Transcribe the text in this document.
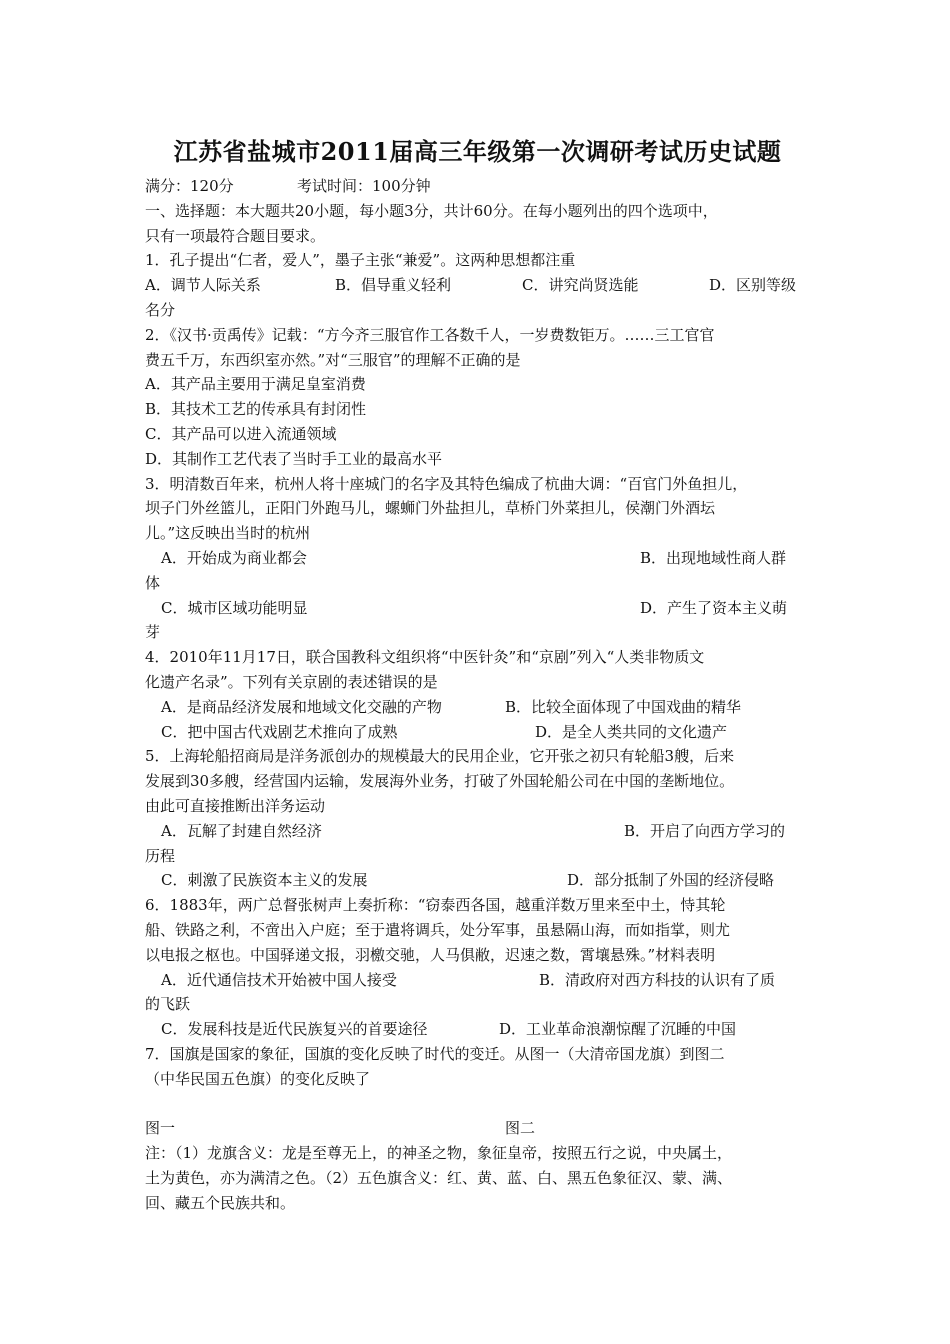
江苏省盐城市2011届高三年级第一次调研考试历史试题
满分：120分	考试时间：100分钟
一、选择题：本大题共20小题，每小题3分，共计60分。在每小题列出的四个选项中，
只有一项最符合题目要求。
1．孔子提出“仁者，爱人”，墨子主张“兼爱”。这两种思想都注重
A．调节人际关系	B．倡导重义轻利	C．讲究尚贤选能	D．区别等级
名分
2．《汉书·贡禹传》记载：“方今齐三服官作工各数千人，一岁费数钜万。……三工官官
费五千万，东西织室亦然。”对“三服官”的理解不正确的是
A．其产品主要用于满足皇室消费
B．其技术工艺的传承具有封闭性
C．其产品可以进入流通领域
D．其制作工艺代表了当时手工业的最高水平
3．明清数百年来，杭州人将十座城门的名字及其特色编成了杭曲大调：“百官门外鱼担儿，
坝子门外丝篮儿，正阳门外跑马儿，螺蛳门外盐担儿，草桥门外菜担儿，侯潮门外酒坛
儿。”这反映出当时的杭州
A．开始成为商业都会	B．出现地域性商人群
体
C．城市区域功能明显	D．产生了资本主义萌
芽
4．2010年11月17日，联合国教科文组织将“中医针灸”和“京剧”列入“人类非物质文
化遗产名录”。下列有关京剧的表述错误的是
A．是商品经济发展和地域文化交融的产物	B．比较全面体现了中国戏曲的精华
C．把中国古代戏剧艺术推向了成熟	D．是全人类共同的文化遗产
5．上海轮船招商局是洋务派创办的规模最大的民用企业，它开张之初只有轮船3艘，后来
发展到30多艘，经营国内运输，发展海外业务，打破了外国轮船公司在中国的垄断地位。
由此可直接推断出洋务运动
A．瓦解了封建自然经济	B．开启了向西方学习的
历程
C．刺激了民族资本主义的发展	D．部分抵制了外国的经济侵略
6．1883年，两广总督张树声上奏折称：“窃泰西各国，越重洋数万里来至中土，恃其轮
船、铁路之利，不啻出入户庭；至于遣将调兵，处分军事，虽悬隔山海，而如指掌，则尤
以电报之枢也。中国驿递文报，羽檄交驰，人马俱敝，迟速之数，霄壤悬殊。”材料表明
A．近代通信技术开始被中国人接受	B．清政府对西方科技的认识有了质
的飞跃
C．发展科技是近代民族复兴的首要途径	D．工业革命浪潮惊醒了沉睡的中国
7．国旗是国家的象征，国旗的变化反映了时代的变迁。从图一（大清帝国龙旗）到图二
（中华民国五色旗）的变化反映了
图一	图二
注：（1）龙旗含义：龙是至尊无上，的神圣之物，象征皇帝，按照五行之说，中央属土，
土为黄色，亦为满清之色。（2）五色旗含义：红、黄、蓝、白、黑五色象征汉、蒙、满、
回、藏五个民族共和。
